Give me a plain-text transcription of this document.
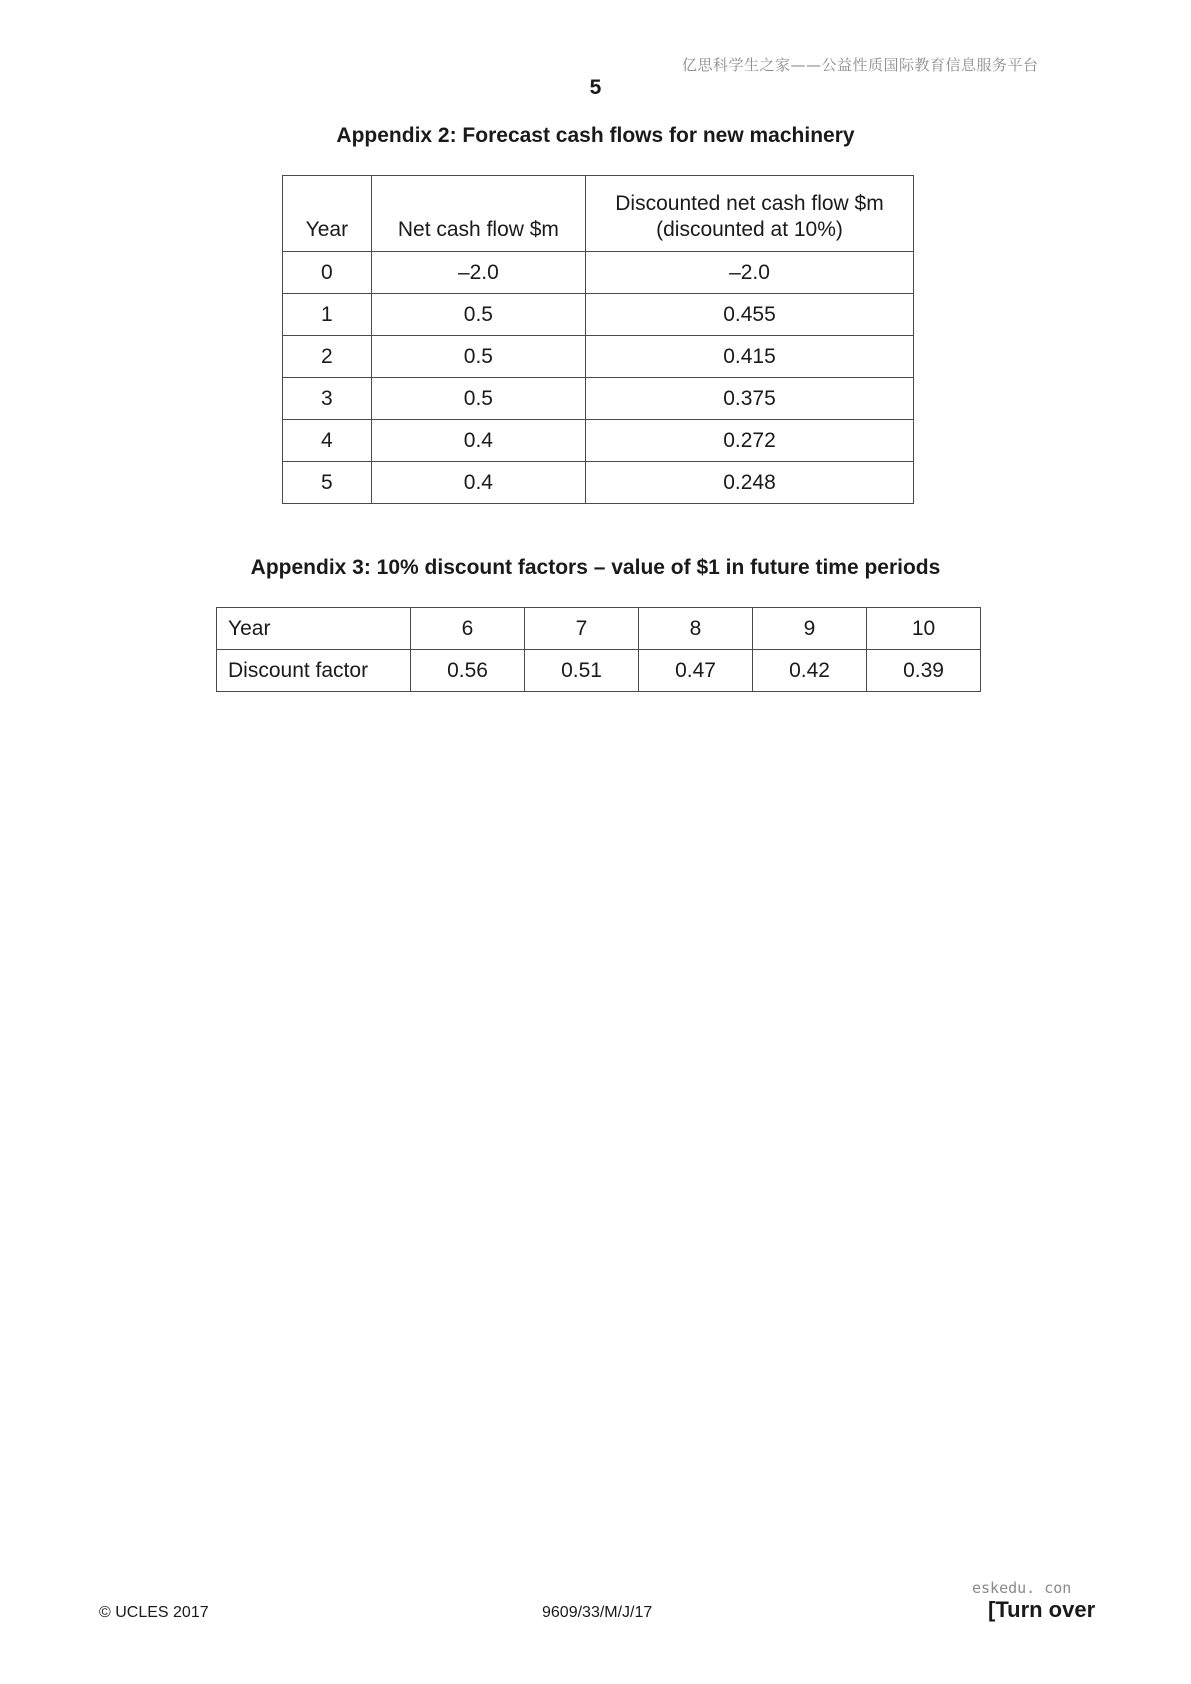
亿思科学生之家——公益性质国际教育信息服务平台
5
Appendix 2: Forecast cash flows for new machinery
Year	Net cash flow $m	Discounted net cash flow $m
(discounted at 10%)
0	–2.0	–2.0
1	0.5	0.455
2	0.5	0.415
3	0.5	0.375
4	0.4	0.272
5	0.4	0.248
Appendix 3: 10% discount factors – value of $1 in future time periods
Year	6	7	8	9	10
Discount factor	0.56	0.51	0.47	0.42	0.39
eskedu. con
© UCLES 2017	9609/33/M/J/17	[Turn over
